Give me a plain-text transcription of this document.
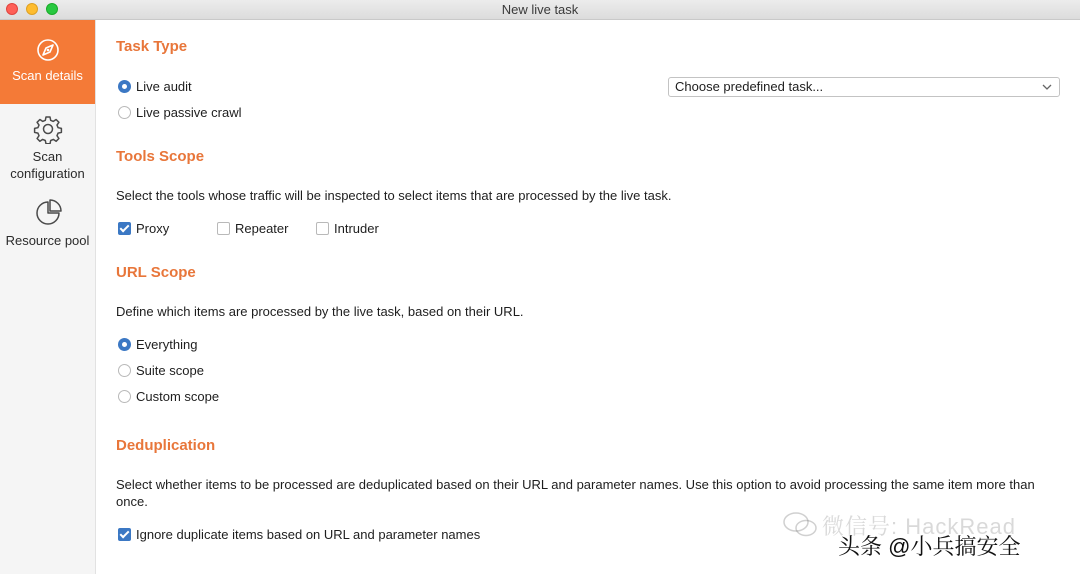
New live task
Scan details
Scan configuration
Resource pool
Task Type
Live audit
Live passive crawl
Choose predefined task...
Tools Scope
Select the tools whose traffic will be inspected to select items that are processed by the live task.
Proxy	Repeater	Intruder
URL Scope
Define which items are processed by the live task, based on their URL.
Everything
Suite scope
Custom scope
Deduplication
Select whether items to be processed are deduplicated based on their URL and parameter names. Use this option to avoid processing the same item more than once.
Ignore duplicate items based on URL and parameter names	微信号: HackRead
头条 @小兵搞安全
